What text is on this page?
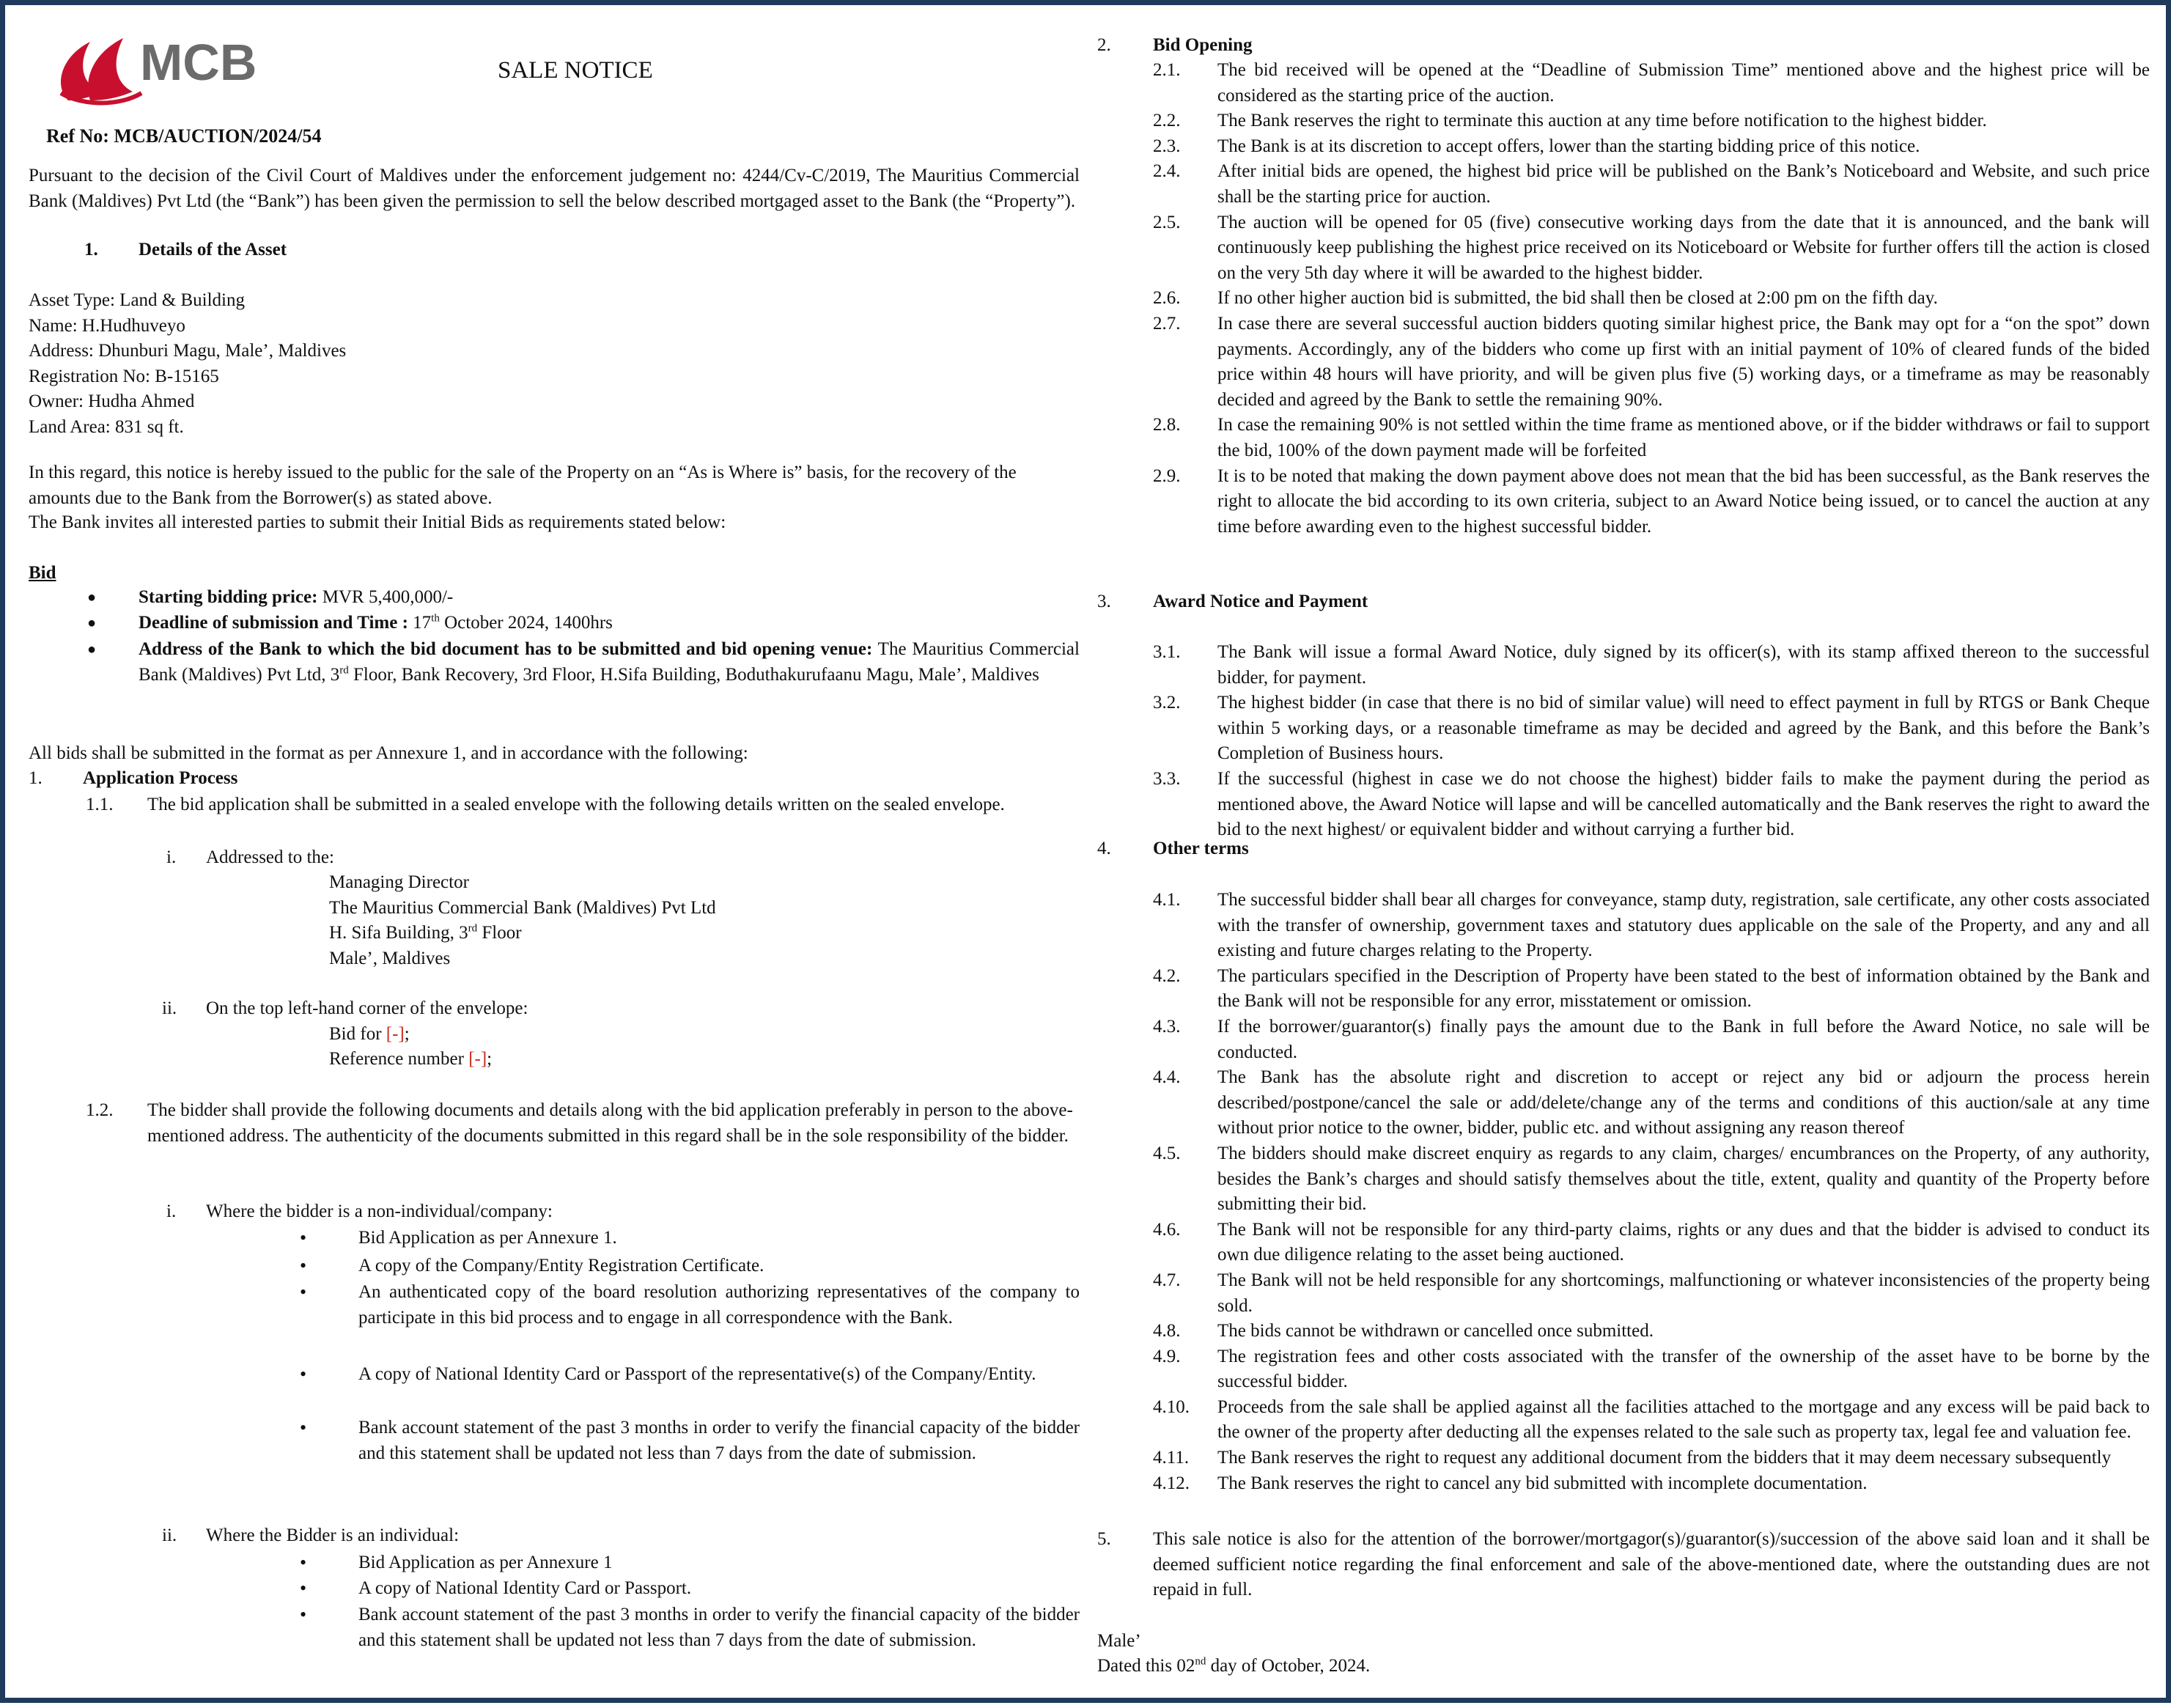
MCB	SALE NOTICE
Ref No: MCB/AUCTION/2024/54
Pursuant to the decision of the Civil Court of Maldives under the enforcement judgement no: 4244/Cv-C/2019, The Mauritius Commercial Bank (Maldives) Pvt Ltd (the “Bank”) has been given the permission to sell the below described mortgaged asset to the Bank (the “Property”).
1. Details of the Asset
Asset Type: Land & Building
Name: H.Hudhuveyo
Address: Dhunburi Magu, Male’, Maldives
Registration No: B-15165
Owner: Hudha Ahmed
Land Area: 831 sq ft.
In this regard, this notice is hereby issued to the public for the sale of the Property on an “As is Where is” basis, for the recovery of the amounts due to the Bank from the Borrower(s) as stated above.
The Bank invites all interested parties to submit their Initial Bids as requirements stated below:
Bid
● Starting bidding price: MVR 5,400,000/-
● Deadline of submission and Time : 17th October 2024, 1400hrs
● Address of the Bank to which the bid document has to be submitted and bid opening venue: The Mauritius Commercial Bank (Maldives) Pvt Ltd, 3rd Floor, Bank Recovery, 3rd Floor, H.Sifa Building, Boduthakurufaanu Magu, Male’, Maldives
All bids shall be submitted in the format as per Annexure 1, and in accordance with the following:
1. Application Process
1.1. The bid application shall be submitted in a sealed envelope with the following details written on the sealed envelope.
i. Addressed to the:
Managing Director
The Mauritius Commercial Bank (Maldives) Pvt Ltd
H. Sifa Building, 3rd Floor
Male’, Maldives
ii. On the top left-hand corner of the envelope:
Bid for [-];
Reference number [-];
1.2. The bidder shall provide the following documents and details along with the bid application preferably in person to the above-mentioned address. The authenticity of the documents submitted in this regard shall be in the sole responsibility of the bidder.
i. Where the bidder is a non-individual/company:
• Bid Application as per Annexure 1.
• A copy of the Company/Entity Registration Certificate.
• An authenticated copy of the board resolution authorizing representatives of the company to participate in this bid process and to engage in all correspondence with the Bank.
• A copy of National Identity Card or Passport of the representative(s) of the Company/Entity.
• Bank account statement of the past 3 months in order to verify the financial capacity of the bidder and this statement shall be updated not less than 7 days from the date of submission.
ii. Where the Bidder is an individual:
• Bid Application as per Annexure 1
• A copy of National Identity Card or Passport.
• Bank account statement of the past 3 months in order to verify the financial capacity of the bidder and this statement shall be updated not less than 7 days from the date of submission.
2. Bid Opening
2.1. The bid received will be opened at the “Deadline of Submission Time” mentioned above and the highest price will be considered as the starting price of the auction.
2.2. The Bank reserves the right to terminate this auction at any time before notification to the highest bidder.
2.3. The Bank is at its discretion to accept offers, lower than the starting bidding price of this notice.
2.4. After initial bids are opened, the highest bid price will be published on the Bank’s Noticeboard and Website, and such price shall be the starting price for auction.
2.5. The auction will be opened for 05 (five) consecutive working days from the date that it is announced, and the bank will continuously keep publishing the highest price received on its Noticeboard or Website for further offers till the action is closed on the very 5th day where it will be awarded to the highest bidder.
2.6. If no other higher auction bid is submitted, the bid shall then be closed at 2:00 pm on the fifth day.
2.7. In case there are several successful auction bidders quoting similar highest price, the Bank may opt for a “on the spot” down payments. Accordingly, any of the bidders who come up first with an initial payment of 10% of cleared funds of the bided price within 48 hours will have priority, and will be given plus five (5) working days, or a timeframe as may be reasonably decided and agreed by the Bank to settle the remaining 90%.
2.8. In case the remaining 90% is not settled within the time frame as mentioned above, or if the bidder withdraws or fail to support the bid, 100% of the down payment made will be forfeited
2.9. It is to be noted that making the down payment above does not mean that the bid has been successful, as the Bank reserves the right to allocate the bid according to its own criteria, subject to an Award Notice being issued, or to cancel the auction at any time before awarding even to the highest successful bidder.
3. Award Notice and Payment
3.1. The Bank will issue a formal Award Notice, duly signed by its officer(s), with its stamp affixed thereon to the successful bidder, for payment.
3.2. The highest bidder (in case that there is no bid of similar value) will need to effect payment in full by RTGS or Bank Cheque within 5 working days, or a reasonable timeframe as may be decided and agreed by the Bank, and this before the Bank’s Completion of Business hours.
3.3. If the successful (highest in case we do not choose the highest) bidder fails to make the payment during the period as mentioned above, the Award Notice will lapse and will be cancelled automatically and the Bank reserves the right to award the bid to the next highest/ or equivalent bidder and without carrying a further bid.
4. Other terms
4.1. The successful bidder shall bear all charges for conveyance, stamp duty, registration, sale certificate, any other costs associated with the transfer of ownership, government taxes and statutory dues applicable on the sale of the Property, and any and all existing and future charges relating to the Property.
4.2. The particulars specified in the Description of Property have been stated to the best of information obtained by the Bank and the Bank will not be responsible for any error, misstatement or omission.
4.3. If the borrower/guarantor(s) finally pays the amount due to the Bank in full before the Award Notice, no sale will be conducted.
4.4. The Bank has the absolute right and discretion to accept or reject any bid or adjourn the process herein described/postpone/cancel the sale or add/delete/change any of the terms and conditions of this auction/sale at any time without prior notice to the owner, bidder, public etc. and without assigning any reason thereof
4.5. The bidders should make discreet enquiry as regards to any claim, charges/ encumbrances on the Property, of any authority, besides the Bank’s charges and should satisfy themselves about the title, extent, quality and quantity of the Property before submitting their bid.
4.6. The Bank will not be responsible for any third-party claims, rights or any dues and that the bidder is advised to conduct its own due diligence relating to the asset being auctioned.
4.7. The Bank will not be held responsible for any shortcomings, malfunctioning or whatever inconsistencies of the property being sold.
4.8. The bids cannot be withdrawn or cancelled once submitted.
4.9. The registration fees and other costs associated with the transfer of the ownership of the asset have to be borne by the successful bidder.
4.10. Proceeds from the sale shall be applied against all the facilities attached to the mortgage and any excess will be paid back to the owner of the property after deducting all the expenses related to the sale such as property tax, legal fee and valuation fee.
4.11. The Bank reserves the right to request any additional document from the bidders that it may deem necessary subsequently
4.12. The Bank reserves the right to cancel any bid submitted with incomplete documentation.
5. This sale notice is also for the attention of the borrower/mortgagor(s)/guarantor(s)/succession of the above said loan and it shall be deemed sufficient notice regarding the final enforcement and sale of the above-mentioned date, where the outstanding dues are not repaid in full.
Male’
Dated this 02nd day of October, 2024.
